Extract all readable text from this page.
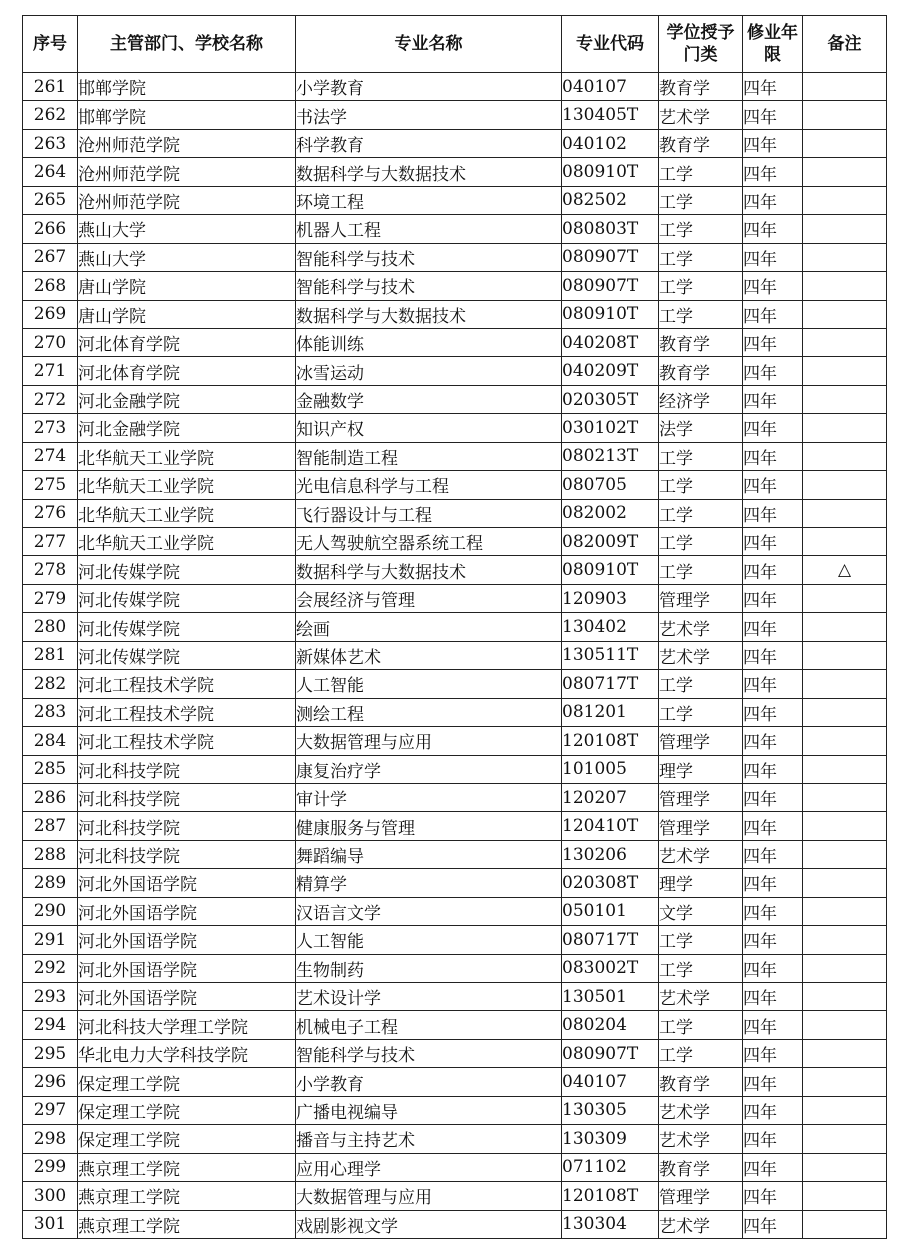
序号	主管部门、学校名称	专业名称	专业代码	学位授予门类	修业年限	备注
261	邯郸学院	小学教育	040107	教育学	四年	
262	邯郸学院	书法学	130405T	艺术学	四年	
263	沧州师范学院	科学教育	040102	教育学	四年	
264	沧州师范学院	数据科学与大数据技术	080910T	工学	四年	
265	沧州师范学院	环境工程	082502	工学	四年	
266	燕山大学	机器人工程	080803T	工学	四年	
267	燕山大学	智能科学与技术	080907T	工学	四年	
268	唐山学院	智能科学与技术	080907T	工学	四年	
269	唐山学院	数据科学与大数据技术	080910T	工学	四年	
270	河北体育学院	体能训练	040208T	教育学	四年	
271	河北体育学院	冰雪运动	040209T	教育学	四年	
272	河北金融学院	金融数学	020305T	经济学	四年	
273	河北金融学院	知识产权	030102T	法学	四年	
274	北华航天工业学院	智能制造工程	080213T	工学	四年	
275	北华航天工业学院	光电信息科学与工程	080705	工学	四年	
276	北华航天工业学院	飞行器设计与工程	082002	工学	四年	
277	北华航天工业学院	无人驾驶航空器系统工程	082009T	工学	四年	
278	河北传媒学院	数据科学与大数据技术	080910T	工学	四年	△
279	河北传媒学院	会展经济与管理	120903	管理学	四年	
280	河北传媒学院	绘画	130402	艺术学	四年	
281	河北传媒学院	新媒体艺术	130511T	艺术学	四年	
282	河北工程技术学院	人工智能	080717T	工学	四年	
283	河北工程技术学院	测绘工程	081201	工学	四年	
284	河北工程技术学院	大数据管理与应用	120108T	管理学	四年	
285	河北科技学院	康复治疗学	101005	理学	四年	
286	河北科技学院	审计学	120207	管理学	四年	
287	河北科技学院	健康服务与管理	120410T	管理学	四年	
288	河北科技学院	舞蹈编导	130206	艺术学	四年	
289	河北外国语学院	精算学	020308T	理学	四年	
290	河北外国语学院	汉语言文学	050101	文学	四年	
291	河北外国语学院	人工智能	080717T	工学	四年	
292	河北外国语学院	生物制药	083002T	工学	四年	
293	河北外国语学院	艺术设计学	130501	艺术学	四年	
294	河北科技大学理工学院	机械电子工程	080204	工学	四年	
295	华北电力大学科技学院	智能科学与技术	080907T	工学	四年	
296	保定理工学院	小学教育	040107	教育学	四年	
297	保定理工学院	广播电视编导	130305	艺术学	四年	
298	保定理工学院	播音与主持艺术	130309	艺术学	四年	
299	燕京理工学院	应用心理学	071102	教育学	四年	
300	燕京理工学院	大数据管理与应用	120108T	管理学	四年	
301	燕京理工学院	戏剧影视文学	130304	艺术学	四年	
